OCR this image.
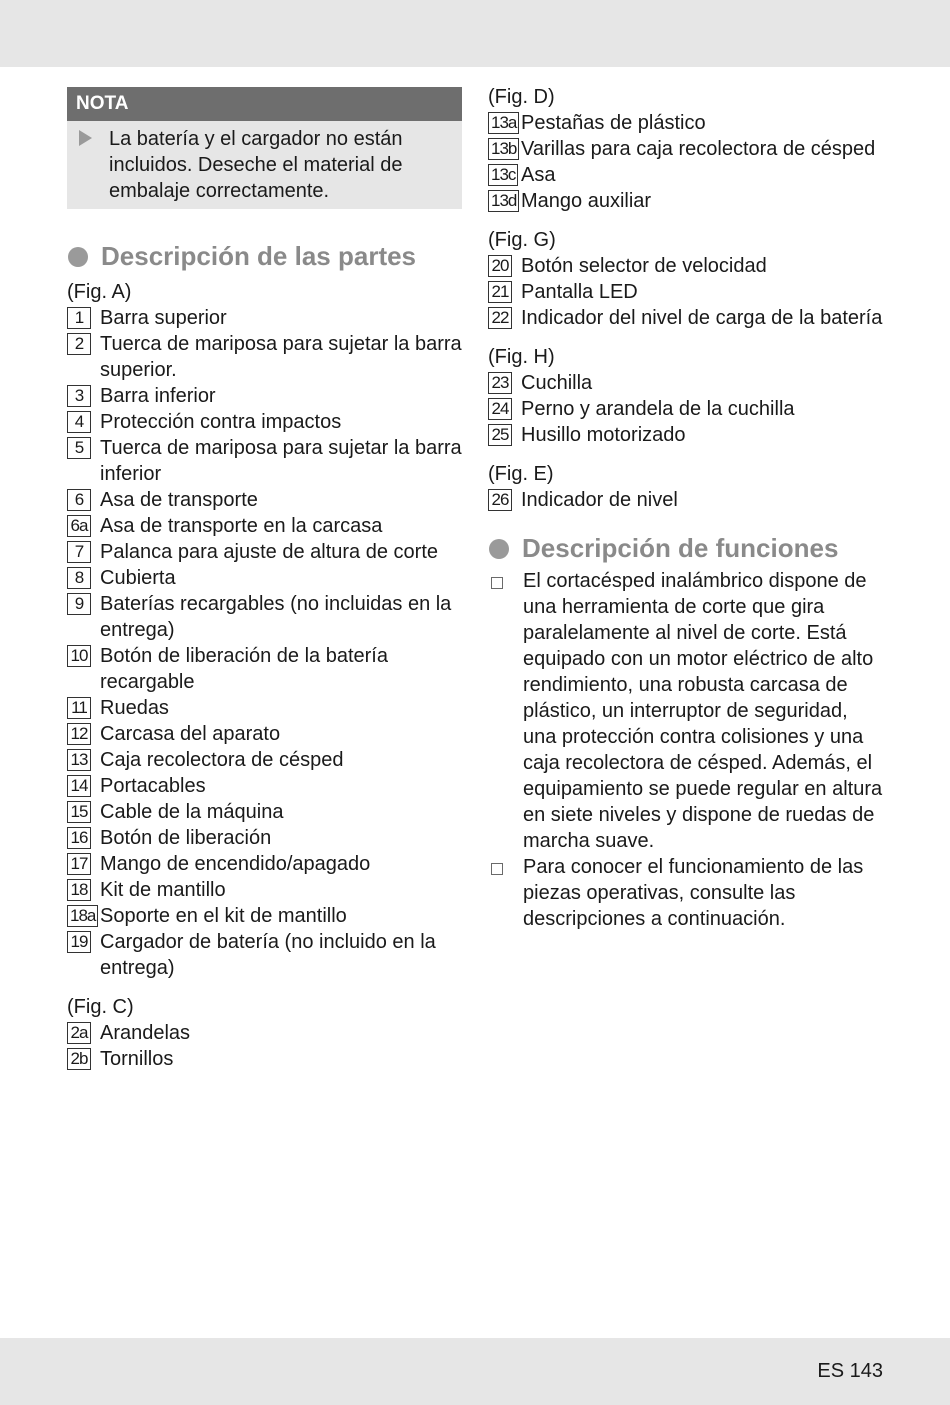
NOTA
La batería y el cargador no están incluidos. Deseche el material de embalaje correctamente.
Descripción de las partes
(Fig. A)
1 Barra superior
2 Tuerca de mariposa para sujetar la barra superior.
3 Barra inferior
4 Protección contra impactos
5 Tuerca de mariposa para sujetar la barra inferior
6 Asa de transporte
6a Asa de transporte en la carcasa
7 Palanca para ajuste de altura de corte
8 Cubierta
9 Baterías recargables (no incluidas en la entrega)
10 Botón de liberación de la batería recargable
11 Ruedas
12 Carcasa del aparato
13 Caja recolectora de césped
14 Portacables
15 Cable de la máquina
16 Botón de liberación
17 Mango de encendido/apagado
18 Kit de mantillo
18a Soporte en el kit de mantillo
19 Cargador de batería (no incluido en la entrega)
(Fig. C)
2a Arandelas
2b Tornillos
(Fig. D)
13a Pestañas de plástico
13b Varillas para caja recolectora de césped
13c Asa
13d Mango auxiliar
(Fig. G)
20 Botón selector de velocidad
21 Pantalla LED
22 Indicador del nivel de carga de la batería
(Fig. H)
23 Cuchilla
24 Perno y arandela de la cuchilla
25 Husillo motorizado
(Fig. E)
26 Indicador de nivel
Descripción de funciones
El cortacésped inalámbrico dispone de una herramienta de corte que gira paralelamente al nivel de corte. Está equipado con un motor eléctrico de alto rendimiento, una robusta carcasa de plástico, un interruptor de seguridad, una protección contra colisiones y una caja recolectora de césped. Además, el equipamiento se puede regular en altura en siete niveles y dispone de ruedas de marcha suave.
Para conocer el funcionamiento de las piezas operativas, consulte las descripciones a continuación.
ES 143
